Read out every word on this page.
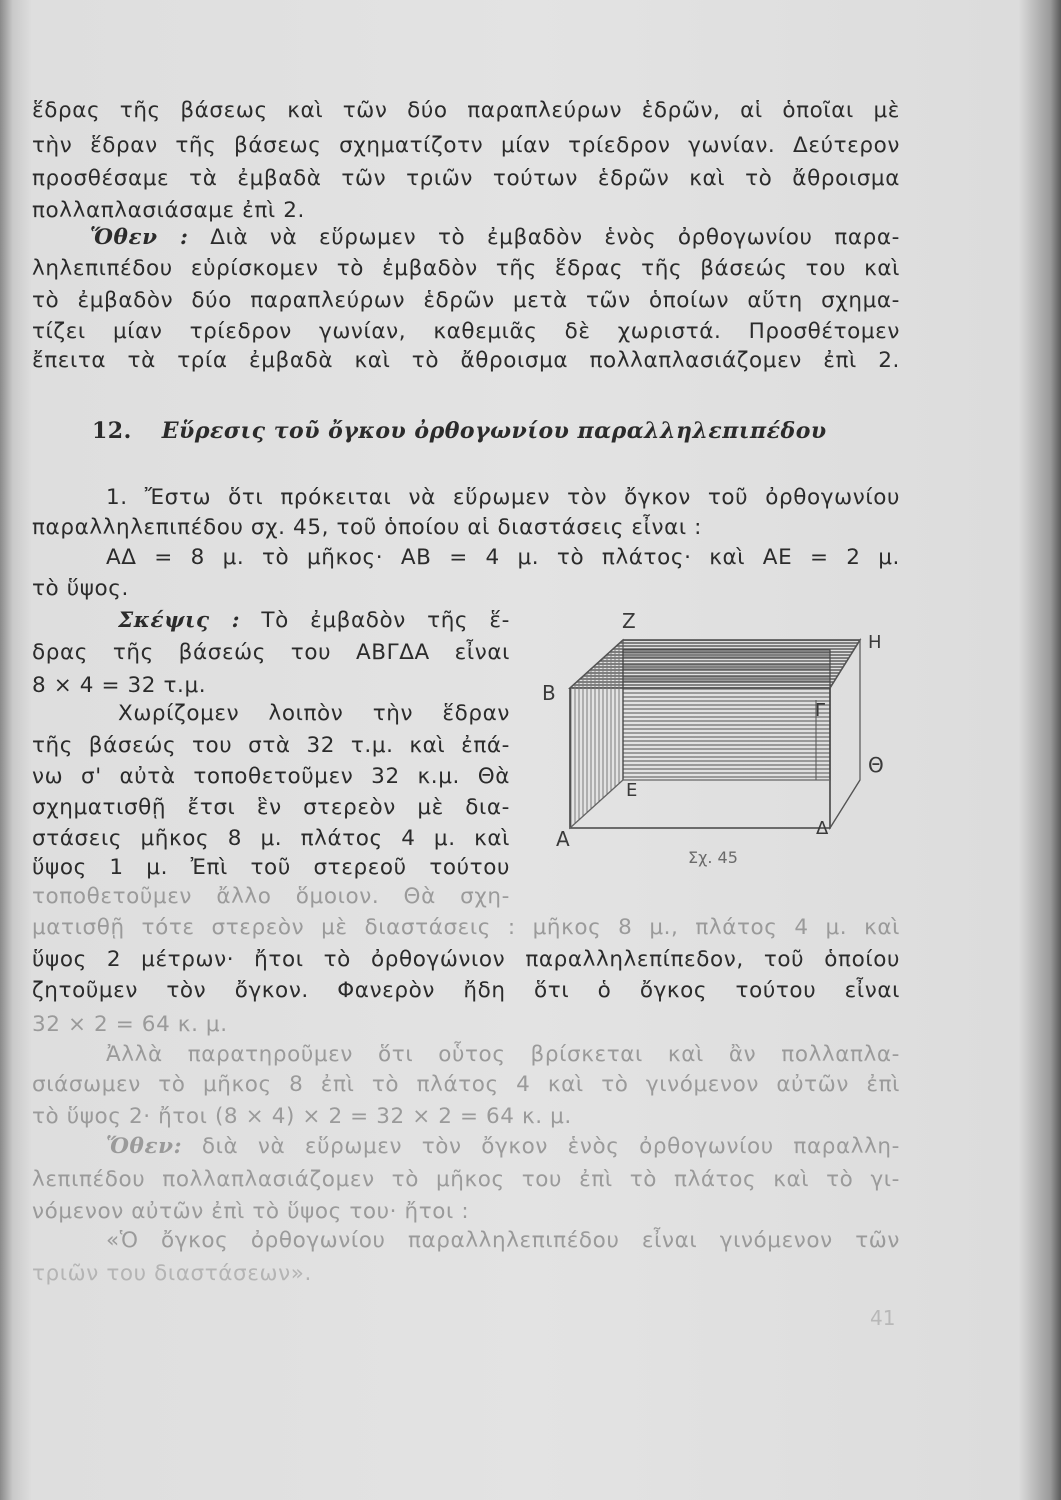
ἕδρας τῆς βάσεως καὶ τῶν δύο παραπλεύρων ἑδρῶν, αἱ ὁποῖαι μὲ
τὴν ἕδραν τῆς βάσεως σχηματίζοτν μίαν τρίεδρον γωνίαν. Δεύτερον
προσθέσαμε τὰ ἐμβαδὰ τῶν τριῶν τούτων ἑδρῶν καὶ τὸ ἄθροισμα
πολλαπλασιάσαμε ἐπὶ 2.
Ὅθεν : Διὰ νὰ εὕρωμεν τὸ ἐμβαδὸν ἑνὸς ὀρθογωνίου παρα-
ληλεπιπέδου εὑρίσκομεν τὸ ἐμβαδὸν τῆς ἕδρας τῆς βάσεώς του καὶ
τὸ ἐμβαδὸν δύο παραπλεύρων ἑδρῶν μετὰ τῶν ὁποίων αὕτη σχημα-
τίζει μίαν τρίεδρον γωνίαν, καθεμιᾶς δὲ χωριστά. Προσθέτομεν
ἔπειτα τὰ τρία ἐμβαδὰ καὶ τὸ ἄθροισμα πολλαπλασιάζομεν ἐπὶ 2.
12. Εὕρεσις τοῦ ὄγκου ὀρθογωνίου παραλληλεπιπέδου
1. Ἔστω ὅτι πρόκειται νὰ εὕρωμεν τὸν ὄγκον τοῦ ὀρθογωνίου
παραλληλεπιπέδου σχ. 45, τοῦ ὁποίου αἱ διαστάσεις εἶναι :
ΑΔ = 8 μ. τὸ μῆκος· ΑΒ = 4 μ. τὸ πλάτος· καὶ ΑΕ = 2 μ.
τὸ ὕψος.
Σκέψις : Τὸ ἐμβαδὸν τῆς ἕ-
δρας τῆς βάσεώς του ΑΒΓΔΑ εἶναι
8 × 4 = 32 τ.μ.
Χωρίζομεν λοιπὸν τὴν ἕδραν
τῆς βάσεώς του στὰ 32 τ.μ. καὶ ἐπά-
νω σ' αὐτὰ τοποθετοῦμεν 32 κ.μ. Θὰ
σχηματισθῇ ἔτσι ἓν στερεὸν μὲ δια-
στάσεις μῆκος 8 μ. πλάτος 4 μ. καὶ
ὕψος 1 μ. Ἐπὶ τοῦ στερεοῦ τούτου
τοποθετοῦμεν ἄλλο ὅμοιον. Θὰ σχη-
Z
H
B
Γ
Θ
Ε
Α	Δ
Σχ. 45
ματισθῇ τότε στερεὸν μὲ διαστάσεις : μῆκος 8 μ., πλάτος 4 μ. καὶ
ὕψος 2 μέτρων· ἤτοι τὸ ὀρθογώνιον παραλληλεπίπεδον, τοῦ ὁποίου
ζητοῦμεν τὸν ὄγκον. Φανερὸν ἤδη ὅτι ὁ ὄγκος τούτου εἶναι
32 × 2 = 64 κ. μ.
Ἀλλὰ παρατηροῦμεν ὅτι οὗτος βρίσκεται καὶ ἂν πολλαπλα-
σιάσωμεν τὸ μῆκος 8 ἐπὶ τὸ πλάτος 4 καὶ τὸ γινόμενον αὐτῶν ἐπὶ
τὸ ὕψος 2· ἤτοι (8 × 4) × 2 = 32 × 2 = 64 κ. μ.
Ὅθεν: διὰ νὰ εὕρωμεν τὸν ὄγκον ἑνὸς ὀρθογωνίου παραλλη-
λεπιπέδου πολλαπλασιάζομεν τὸ μῆκος του ἐπὶ τὸ πλάτος καὶ τὸ γι-
νόμενον αὐτῶν ἐπὶ τὸ ὕψος του· ἤτοι :
«Ὁ ὄγκος ὀρθογωνίου παραλληλεπιπέδου εἶναι γινόμενον τῶν
τριῶν του διαστάσεων».
41
